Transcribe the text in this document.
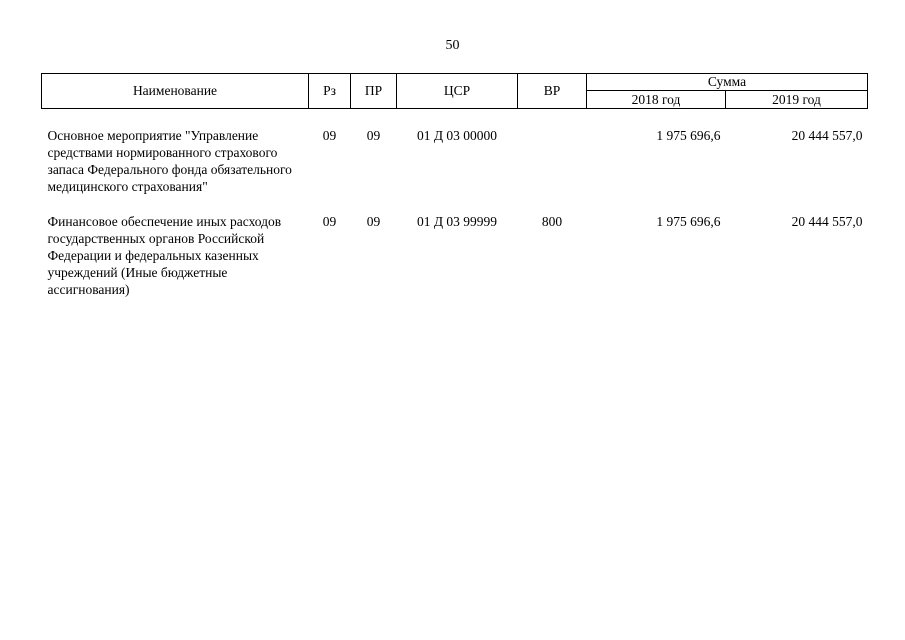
50
Наименование	Рз	ПР	ЦСР	ВР	Сумма	
					2018 год	2019 год

Основное мероприятие "Управление средствами нормированного страхового запаса Федерального фонда обязательного медицинского страхования"	09	09	01 Д 03 00000		1 975 696,6	20 444 557,0

Финансовое обеспечение иных расходов государственных органов Российской Федерации и федеральных казенных учреждений (Иные бюджетные ассигнования)	09	09	01 Д 03 99999	800	1 975 696,6	20 444 557,0
